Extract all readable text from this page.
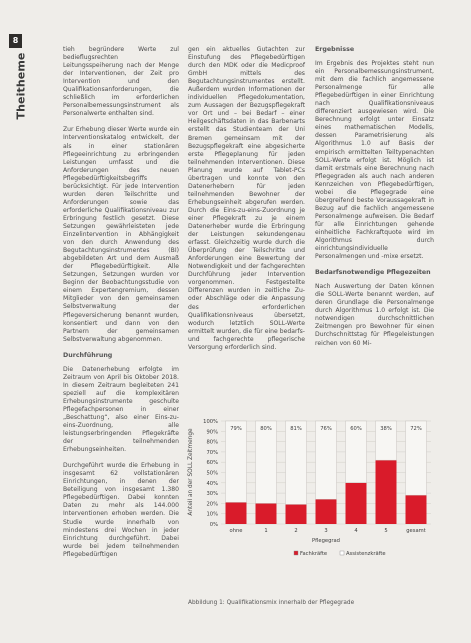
8
Theitheme

tieh begründere Werte zul bedieflugsrechten Leitungsspeiherung nach der Menge der Interventionen, der Zeit pro Intervention und den Qualifikationsanforderungen, die schließlich im erforderlichen Personalbemessungsinstrument als Personalwerte enthalten sind.

Zur Erhebung dieser Werte wurde ein Interventionskatalog entwickelt, der als in einer stationären Pflegeeinrichtung zu erbringenden Leistungen umfasst und die Anforderungen des neuen Pflegebedürftigkeitsbegriffs berücksichtigt. Für jede Intervention wurden deren Teilschritte und Anforderungen sowie das erforderliche Qualifikationsniveau zur Erbringung festlich gesetzt. Diese Setzungen gewährleisteten jede Einzelintervention in Abhängigkeit von den durch Anwendung des Begutachtungsinstrumentes (BI) abgebildeten Art und dem Ausmaß der Pflegebedürftigkeit. Alle Setzungen, Setzungen wurden vor Beginn der Beobachtungsstudie von einem Expertengremium, dessen Mitglieder von den gemeinsamen Selbstverwaltung der Pflegeversicherung benannt wurden, konsentiert und dann von den Partnern der gemeinsamen Selbstverwaltung abgenommen.

Durchführung

Die Datenerhebung erfolgte im Zeitraum von April bis Oktober 2018. In diesem Zeitraum begleiteten 241 speziell auf die komplexitären Erhebungsinstrumente geschulte Pflegefachpersonen in einer „Beschattung“, also einer Eins-zu-eins-Zuordnung, alle leistungserbringenden Pflegekräfte der teilnehmenden Erhebungseinheiten.

Durchgeführt wurde die Erhebung in insgesamt 62 vollstationären Einrichtungen, in denen der Beteiligung von insgesamt 1.380 Pflegebedürftigen. Dabei konnten Daten zu mehr als 144.000 Interventionen erhoben werden. Die Studie wurde innerhalb von mindestens drei Wochen in jeder Einrichtung durchgeführt. Dabei wurde bei jedem teilnehmenden Pflegebedürftigen

gen ein aktuelles Gutachten zur Einstufung des Pflegebedürftigen durch den MDK oder die Medicproof GmbH mittels des Begutachtungsinstrumentes erstellt. Außerdem wurden Informationen der individuellen Pflegedokumentation, zum Aussagen der Bezugspflegekraft vor Ort und – bei Bedarf – einer Heilgeschäftsdaten in das Barbenarts erstellt das Studienteam der Uni Bremen gemeinsam mit der Bezugspflegekraft eine abgesicherte erste Pflegeplanung für jeden teilnehmenden Interventionen. Diese Planung wurde auf Tablet-PCs übertragen und konnte von den Datenerhebern für jeden teilnehmenden Bewohner der Erhebungseinheit abgerufen werden. Durch die Eins-zu-eins-Zuordnung je einer Pflegekraft zu je einem Datenerheber wurde die Erbringung der Leistungen sekundengenau erfasst. Gleichzeitig wurde durch die Überprüfung der Teilschritte und Anforderungen eine Bewertung der Notwendigkeit und der fachgerechten Durchführung jeder Intervention vorgenommen. Festgestellte Differenzen wurden in zeitliche Zu- oder Abschläge oder die Anpassung des erforderlichen Qualifikationsniveaus übersetzt, wodurch letztlich SOLL-Werte ermittelt wurden, die für eine bedarfs- und fachgerechte pflegerische Versorgung erforderlich sind.

Ergebnisse

Im Ergebnis des Projektes steht nun ein Personalbemessungsinstrument, mit dem die fachlich angemessene Personalmenge für alle Pflegebedürftigen in einer Einrichtung nach Qualifikationsniveaus differenziert ausgewiesen wird. Die Berechnung erfolgt unter Einsatz eines mathematischen Modells, dessen Parametrisierung als Algorithmus 1.0 auf Basis der empirisch ermittelten Teiltypenachten SOLL-Werte erfolgt ist. Möglich ist damit erstmals eine Berechnung nach Pflegegraden als auch nach anderen Kennzeichen von Pflegebedürftigen, wobei die Pflegegrade eine übergreifend beste Voraussagekraft in Bezug auf die fachlich angemessene Personalmenge aufweisen. Die Bedarf für alle Einrichtungen gehende einheitliche Fachkraftquote wird im Algorithmus durch einrichtungsindividuelle Personalmengen und -mixe ersetzt.

Bedarfsnotwendige Pflegezeiten

Nach Auswertung der Daten können die SOLL-Werte benannt werden, auf deren Grundlage die Personalmenge durch Algorithmus 1.0 erfolgt ist. Die notwendigen durchschnittlichen Zeitmengen pro Bewohner für einen Durchschnittstag für Pflegeleistungen reichen von 60 Mi-

Anteil an der SOLL Zeitmenge
0%
10%
20%
30%
40%
50%
60%
70%
80%
90%
100%
79%
ohne
80%
1
81%
2
76%
3
60%
4
38%
5
72%
gesamt
Pflegegrad
Fachkräfte	Assistenzkräfte
Abbildung 1: Qualifikationsmix innerhalb der Pflegegrade
